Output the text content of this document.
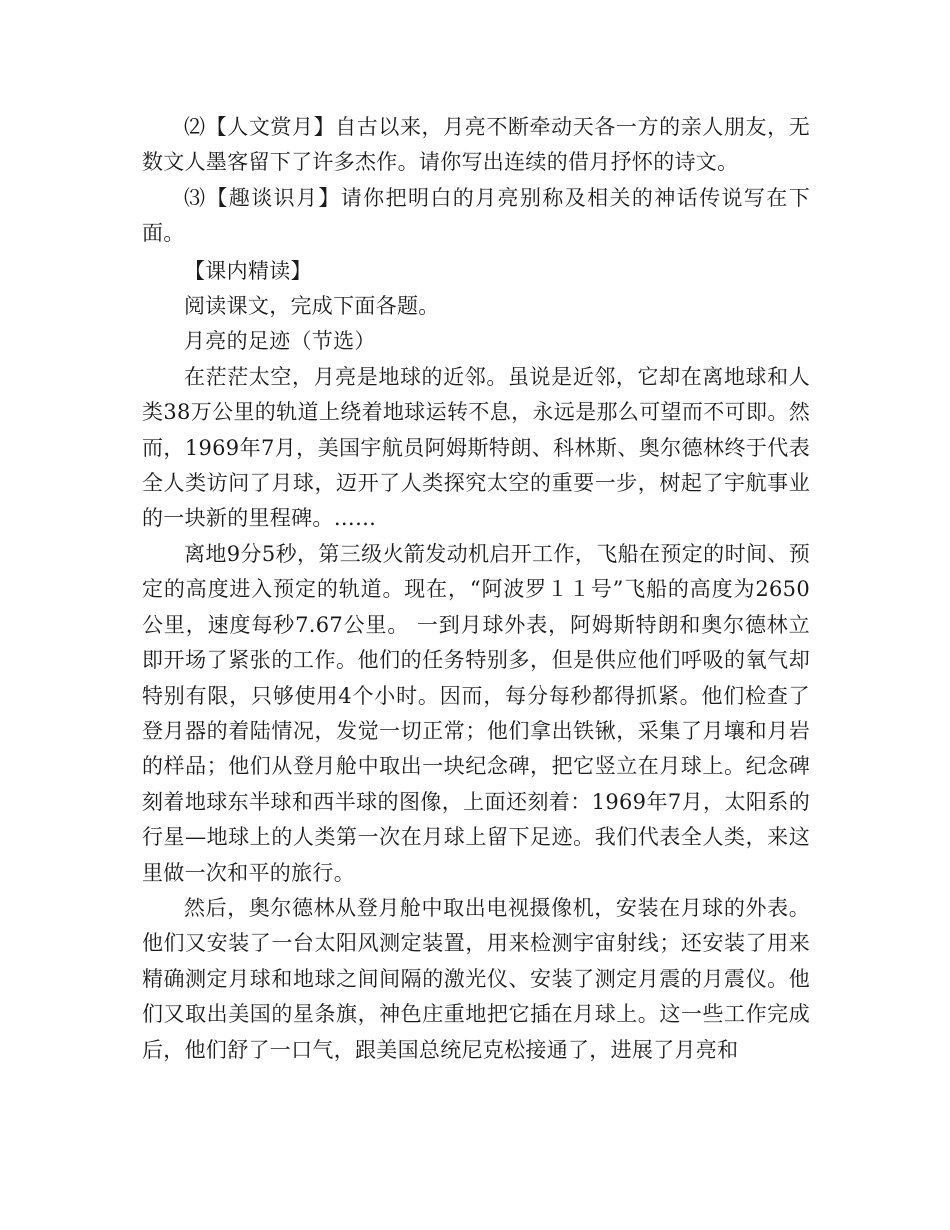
⑵【人文赏月】自古以来，月亮不断牵动天各一方的亲人朋友，无数文人墨客留下了许多杰作。请你写出连续的借月抒怀的诗文。

⑶【趣谈识月】请你把明白的月亮别称及相关的神话传说写在下面。

【课内精读】

阅读课文，完成下面各题。

月亮的足迹（节选）

在茫茫太空，月亮是地球的近邻。虽说是近邻，它却在离地球和人类38万公里的轨道上绕着地球运转不息，永远是那么可望而不可即。然而，1969年7月，美国宇航员阿姆斯特朗、科林斯、奥尔德林终于代表全人类访问了月球，迈开了人类探究太空的重要一步，树起了宇航事业的一块新的里程碑。……

离地9分5秒，第三级火箭发动机启开工作，飞船在预定的时间、预定的高度进入预定的轨道。现在，“阿波罗１１号”飞船的高度为2650公里，速度每秒7.67公里。 一到月球外表，阿姆斯特朗和奥尔德林立即开场了紧张的工作。他们的任务特别多，但是供应他们呼吸的氧气却特别有限，只够使用4个小时。因而，每分每秒都得抓紧。他们检查了登月器的着陆情况，发觉一切正常；他们拿出铁锹，采集了月壤和月岩的样品；他们从登月舱中取出一块纪念碑，把它竖立在月球上。纪念碑刻着地球东半球和西半球的图像，上面还刻着：1969年7月，太阳系的行星—地球上的人类第一次在月球上留下足迹。我们代表全人类，来这里做一次和平的旅行。

然后，奥尔德林从登月舱中取出电视摄像机，安装在月球的外表。他们又安装了一台太阳风测定装置，用来检测宇宙射线；还安装了用来精确测定月球和地球之间间隔的激光仪、安装了测定月震的月震仪。他们又取出美国的星条旗，神色庄重地把它插在月球上。这一些工作完成后，他们舒了一口气，跟美国总统尼克松接通了，进展了月亮和
